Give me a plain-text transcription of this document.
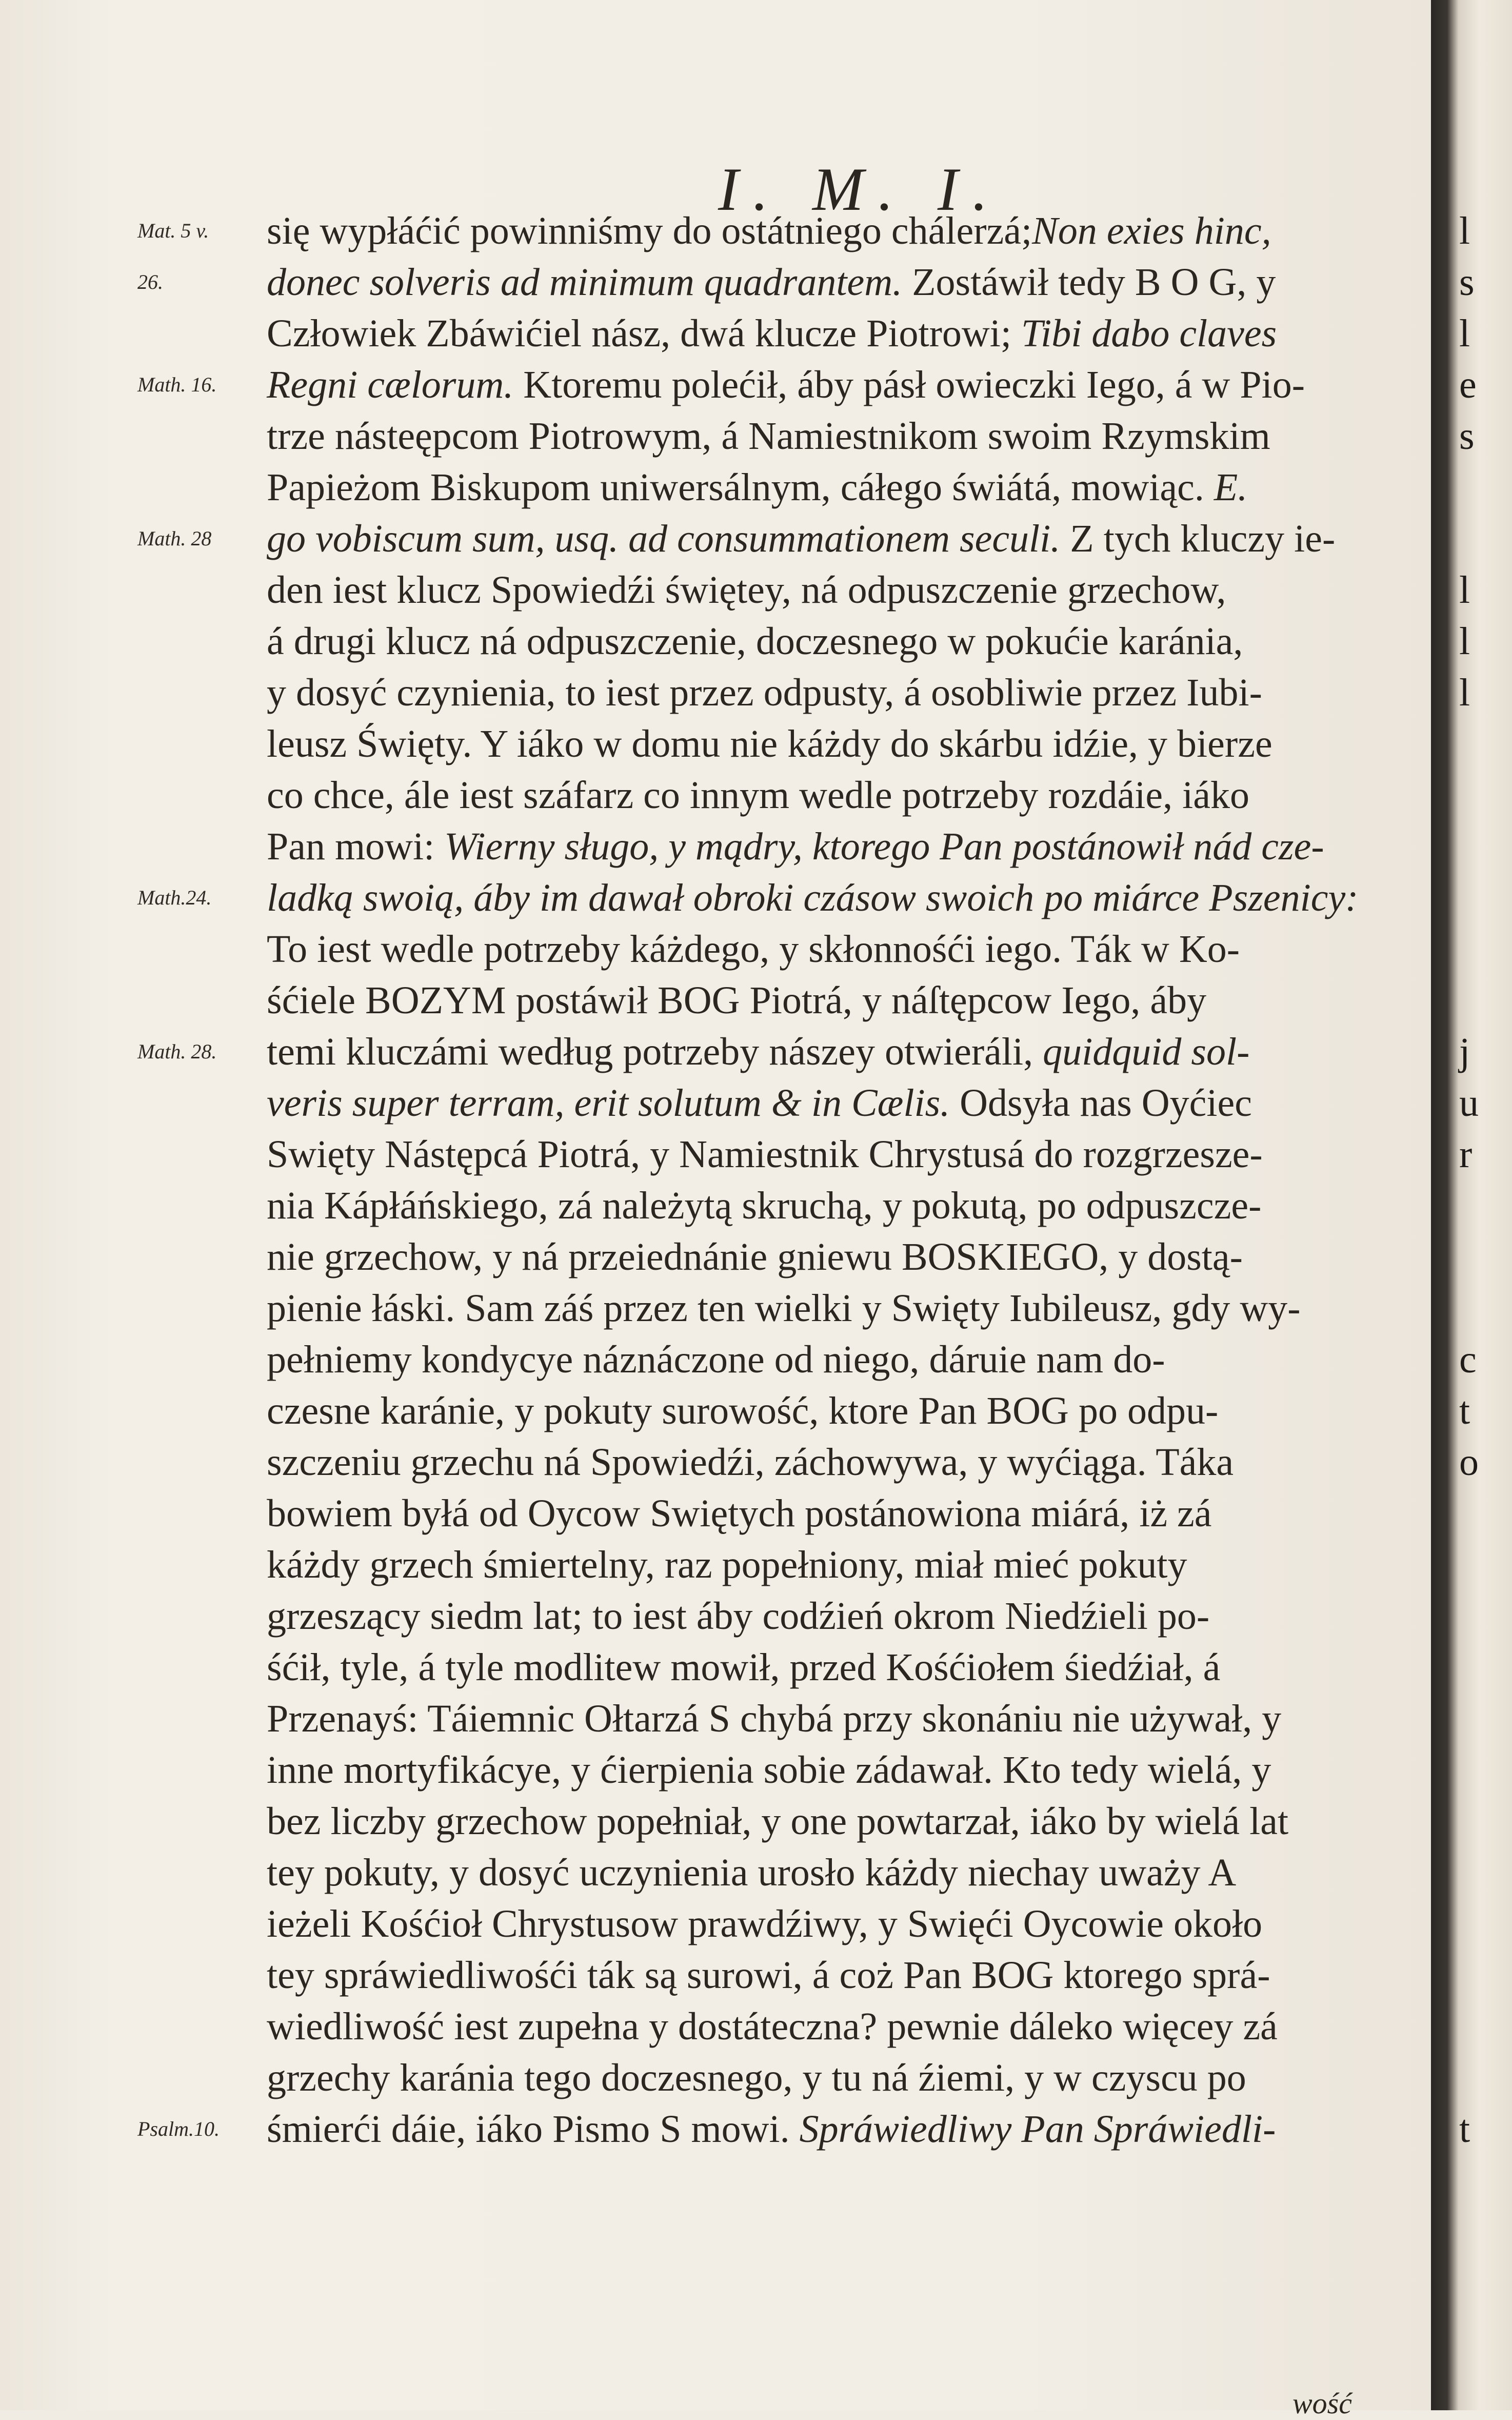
I. M. I.
Mat. 5 v.
26.
Math. 16.
Math. 28
Math.24.
Math. 28.
Psalm.10.
się wypłáćić powinniśmy do ostátniego chálerzá;Non exies hinc,
donec solveris ad minimum quadrantem. Zostáwił tedy B O G, y
Człowiek Zbáwićiel nász, dwá klucze Piotrowi; Tibi dabo claves
Regni cælorum. Ktoremu polećił, áby pásł owieczki Iego, á w Pio-
trze násteępcom Piotrowym, á Namiestnikom swoim Rzymskim
Papieżom Biskupom uniwersálnym, cáłego świátá, mowiąc. E.
go vobiscum sum, usq. ad consummationem seculi. Z tych kluczy ie-
den iest klucz Spowiedźi świętey, ná odpuszczenie grzechow,
á drugi klucz ná odpuszczenie, doczesnego w pokućie karánia,
y dosyć czynienia, to iest przez odpusty, á osobliwie przez Iubi-
leusz Święty. Y iáko w domu nie káżdy do skárbu idźie, y bierze
co chce, ále iest száfarz co innym wedle potrzeby rozdáie, iáko
Pan mowi: Wierny sługo, y mądry, ktorego Pan postánowił nád cze-
ladką swoią, áby im dawał obroki czásow swoich po miárce Pszenicy:
To iest wedle potrzeby káżdego, y skłonnośći iego. Ták w Ko-
śćiele BOZYM postáwił BOG Piotrá, y náſtępcow Iego, áby
temi kluczámi według potrzeby nászey otwieráli, quidquid sol-
veris super terram, erit solutum & in Cælis. Odsyła nas Oyćiec
Swięty Nástępcá Piotrá, y Namiestnik Chrystusá do rozgrzesze-
nia Kápłáńskiego, zá należytą skruchą, y pokutą, po odpuszcze-
nie grzechow, y ná przeiednánie gniewu BOSKIEGO, y dostą-
pienie łáski. Sam záś przez ten wielki y Swięty Iubileusz, gdy wy-
pełniemy kondycye náznáczone od niego, dáruie nam do-
czesne karánie, y pokuty surowość, ktore Pan BOG po odpu-
szczeniu grzechu ná Spowiedźi, záchowywa, y wyćiąga. Táka
bowiem byłá od Oycow Swiętych postánowiona miárá, iż zá
káżdy grzech śmiertelny, raz popełniony, miał mieć pokuty
grzeszący siedm lat; to iest áby codźień okrom Niedźieli po-
śćił, tyle, á tyle modlitew mowił, przed Kośćiołem śiedźiał, á
Przenayś: Táiemnic Ołtarzá S chybá przy skonániu nie używał, y
inne mortyfikácye, y ćierpienia sobie zádawał. Kto tedy wielá, y
bez liczby grzechow popełniał, y one powtarzał, iáko by wielá lat
tey pokuty, y dosyć uczynienia urosło káżdy niechay uważy A
ieżeli Kośćioł Chrystusow prawdźiwy, y Swięći Oycowie około
tey spráwiedliwośći ták są surowi, á coż Pan BOG ktorego sprá-
wiedliwość iest zupełna y dostáteczna? pewnie dáleko więcey zá
grzechy karánia tego doczesnego, y tu ná źiemi, y w czyscu po
śmierći dáie, iáko Pismo S mowi. Spráwiedliwy Pan Spráwiedli-
l
s
l
e
s
l
l
l
j
u
r
c
t
o
t
wość
